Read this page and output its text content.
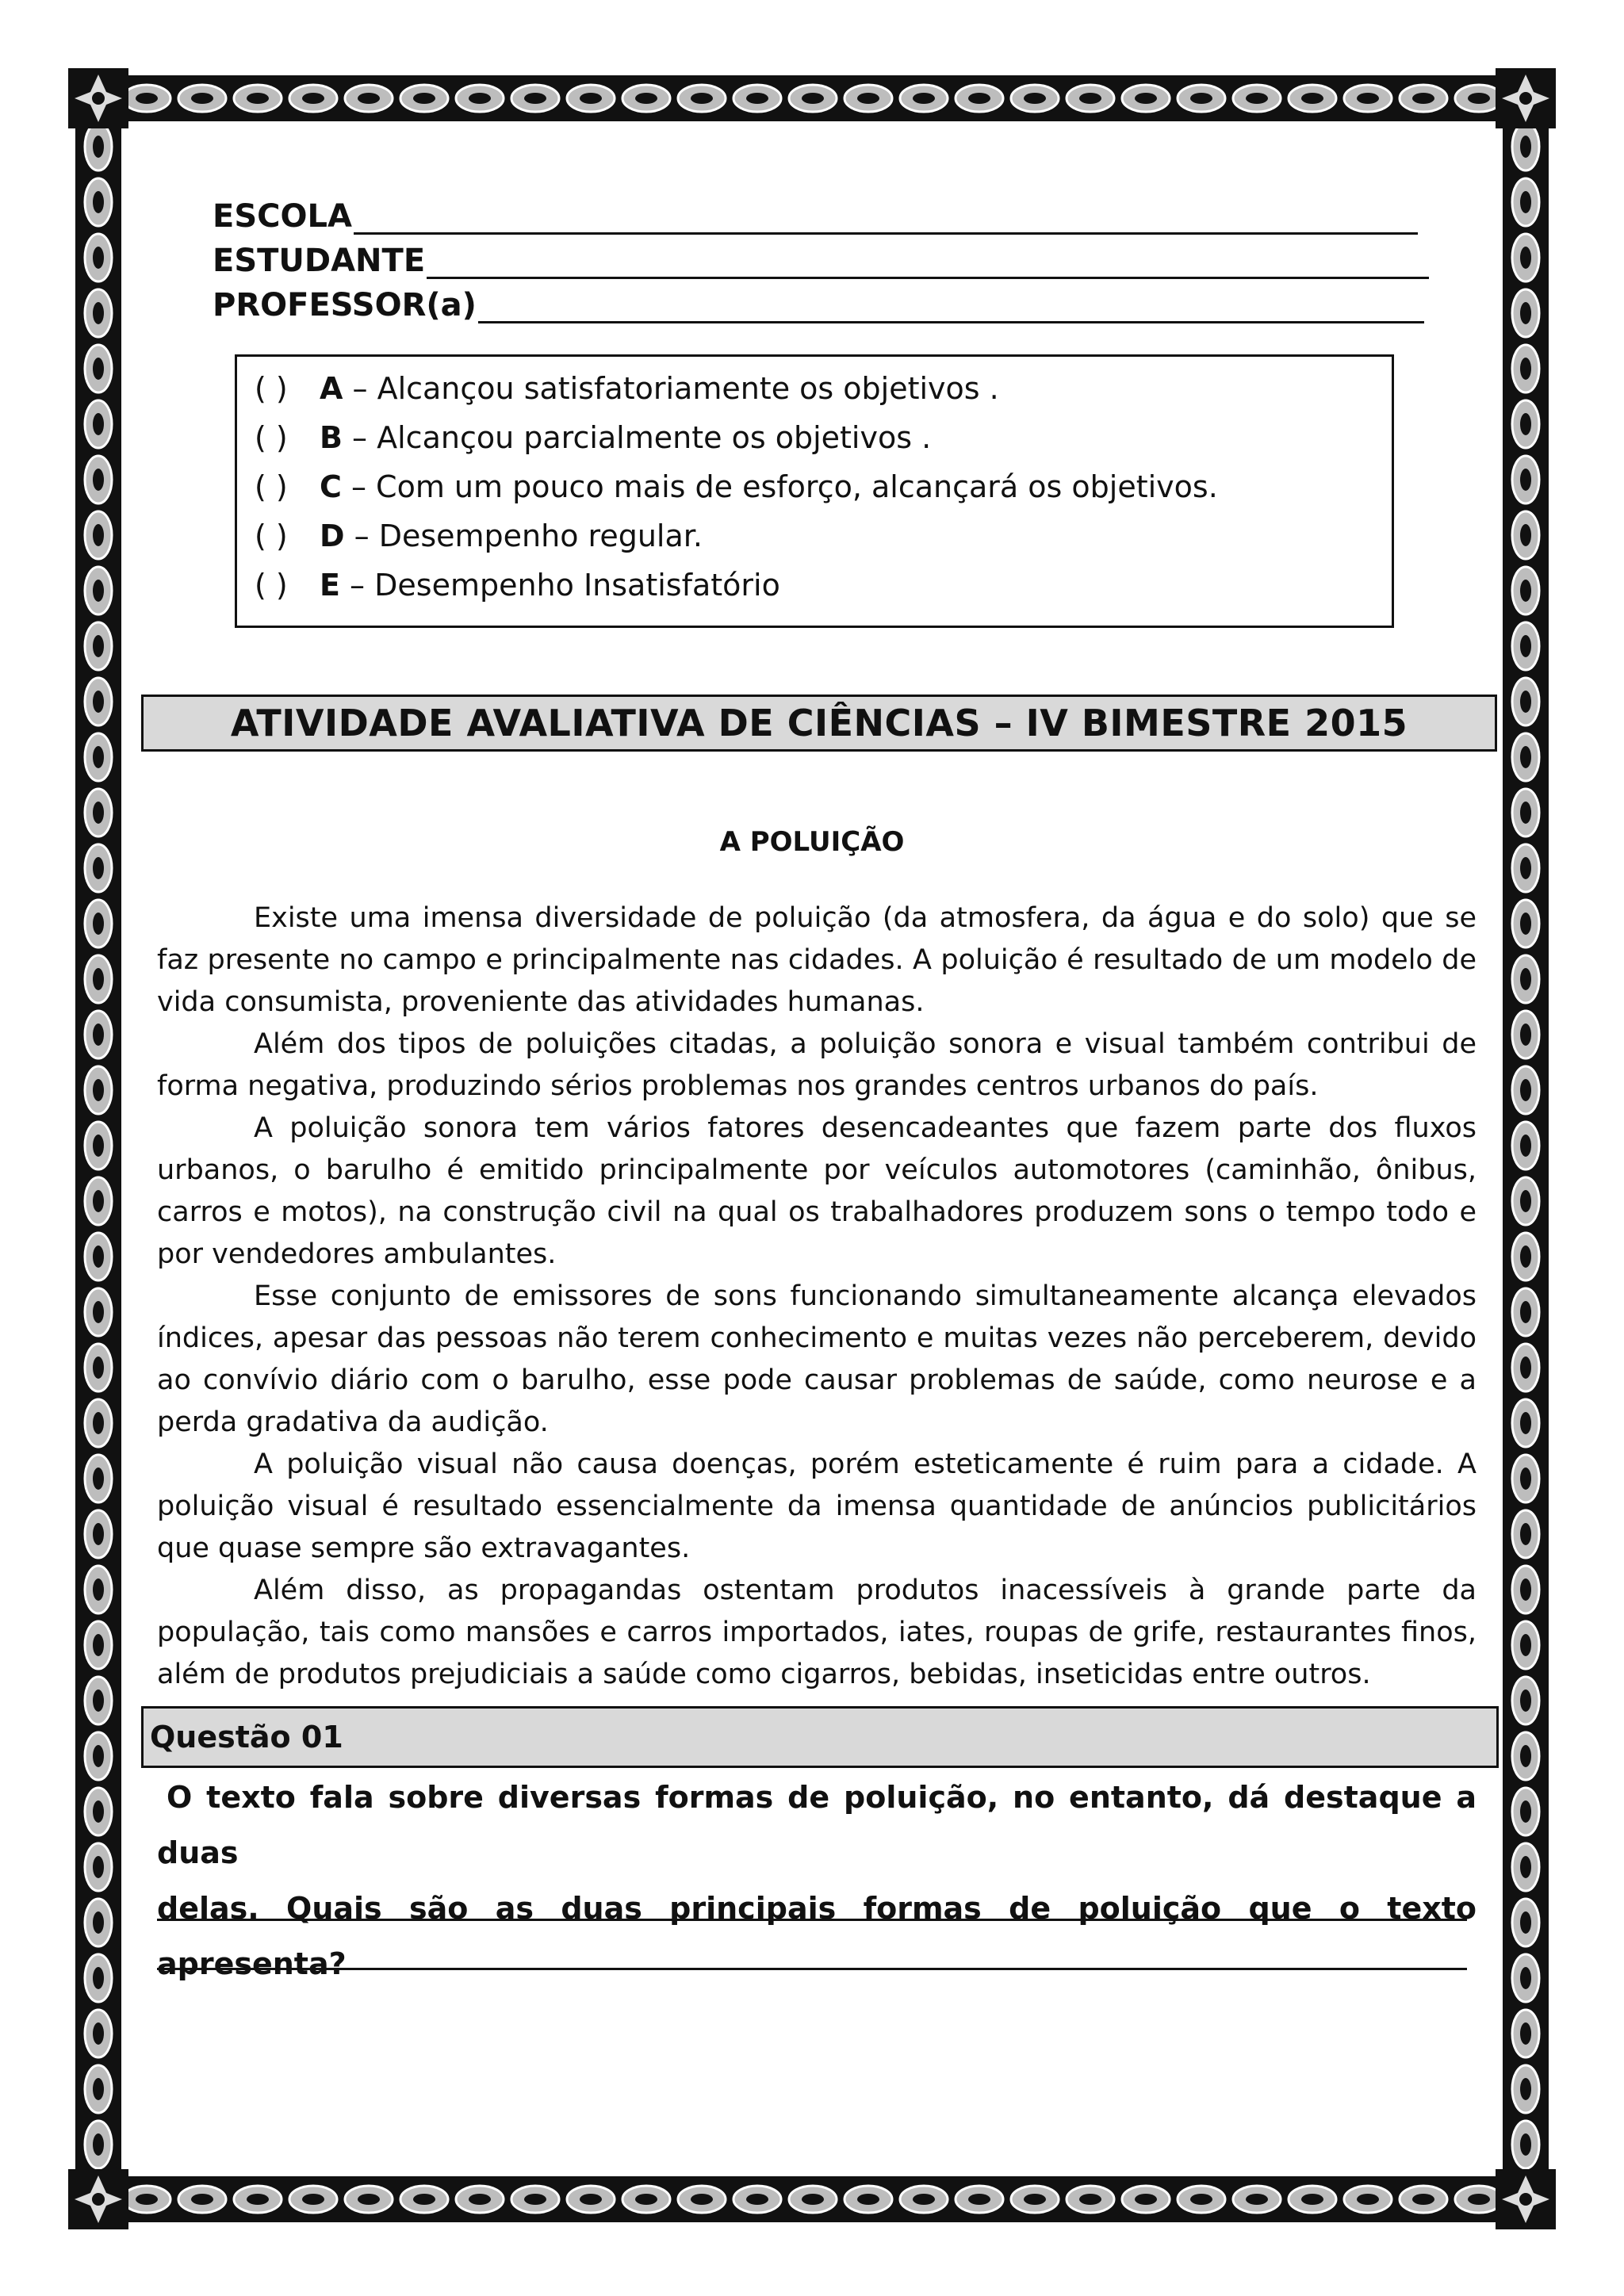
ESCOLA
ESTUDANTE
PROFESSOR(a)
( ) A – Alcançou satisfatoriamente os objetivos .
( ) B – Alcançou parcialmente os objetivos .
( ) C – Com um pouco mais de esforço, alcançará os objetivos.
( ) D – Desempenho regular.
( ) E – Desempenho Insatisfatório
ATIVIDADE AVALIATIVA DE CIÊNCIAS – IV BIMESTRE 2015
A POLUIÇÃO

Existe uma imensa diversidade de poluição (da atmosfera, da água e do solo) que se faz presente no campo e principalmente nas cidades. A poluição é resultado de um modelo de vida consumista, proveniente das atividades humanas.

Além dos tipos de poluições citadas, a poluição sonora e visual também contribui de forma negativa, produzindo sérios problemas nos grandes centros urbanos do país.

A poluição sonora tem vários fatores desencadeantes que fazem parte dos fluxos urbanos, o barulho é emitido principalmente por veículos automotores (caminhão, ônibus, carros e motos), na construção civil na qual os trabalhadores produzem sons o tempo todo e por vendedores ambulantes.

Esse conjunto de emissores de sons funcionando simultaneamente alcança elevados índices, apesar das pessoas não terem conhecimento e muitas vezes não perceberem, devido ao convívio diário com o barulho, esse pode causar problemas de saúde, como neurose e a perda gradativa da audição.

A poluição visual não causa doenças, porém esteticamente é ruim para a cidade. A poluição visual é resultado essencialmente da imensa quantidade de anúncios publicitários que quase sempre são extravagantes.

Além disso, as propagandas ostentam produtos inacessíveis à grande parte da população, tais como mansões e carros importados, iates, roupas de grife, restaurantes finos, além de produtos prejudiciais a saúde como cigarros, bebidas, inseticidas entre outros.

Questão 01
O texto fala sobre diversas formas de poluição, no entanto, dá destaque a duas
delas. Quais são as duas principais formas de poluição que o texto apresenta?
